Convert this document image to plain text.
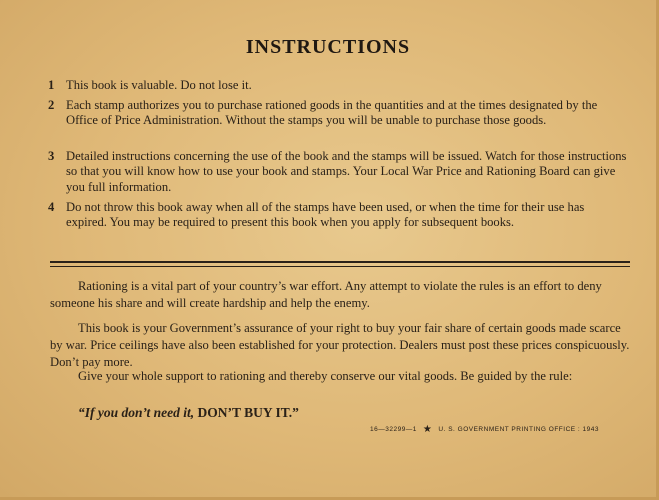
INSTRUCTIONS
1 This book is valuable. Do not lose it.
2 Each stamp authorizes you to purchase rationed goods in the quantities and at the times designated by the Office of Price Administration. Without the stamps you will be unable to purchase those goods.
3 Detailed instructions concerning the use of the book and the stamps will be issued. Watch for those instructions so that you will know how to use your book and stamps. Your Local War Price and Rationing Board can give you full information.
4 Do not throw this book away when all of the stamps have been used, or when the time for their use has expired. You may be required to present this book when you apply for subsequent books.
Rationing is a vital part of your country’s war effort. Any attempt to violate the rules is an effort to deny someone his share and will create hardship and help the enemy.
This book is your Government’s assurance of your right to buy your fair share of certain goods made scarce by war. Price ceilings have also been established for your protection. Dealers must post these prices conspicuously. Don’t pay more.
Give your whole support to rationing and thereby conserve our vital goods. Be guided by the rule:
“If you don’t need it, DON’T BUY IT.”
16—32299—1 ★ U. S. GOVERNMENT PRINTING OFFICE : 1943
